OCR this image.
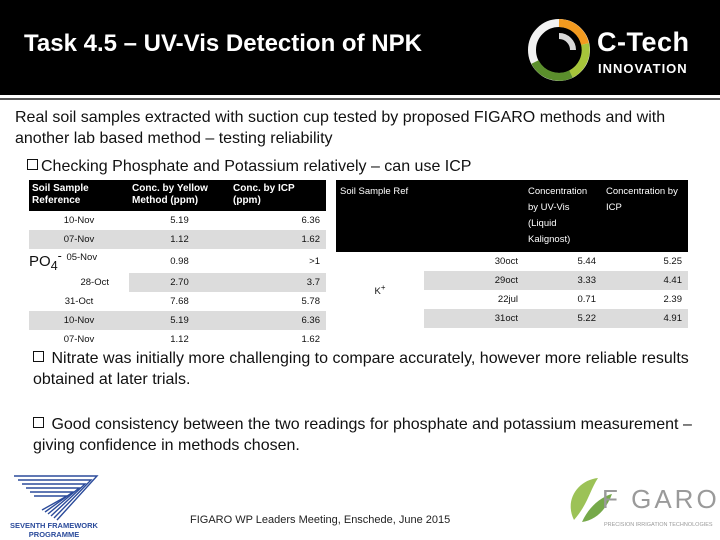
Task 4.5 – UV-Vis Detection of NPK	C-Tech
INNOVATION
Real soil samples extracted with suction cup tested by proposed FIGARO methods and with another lab based method – testing reliability
Checking Phosphate and Potassium relatively – can use ICP
Soil Sample Reference	Conc. by Yellow Method (ppm)	Conc. by ICP (ppm)
10-Nov	5.19	6.36
07-Nov	1.12	1.62
$PO_4^-$ 05-Nov	0.98	>1
28-Oct	2.70	3.7
31-Oct	7.68	5.78
10-Nov	5.19	6.36
07-Nov	1.12	1.62
Soil Sample Ref		Concentration by UV-Vis (Liquid Kalignost)	Concentration by ICP
K+	30oct	5.44	5.25
	29oct	3.33	4.41
	22jul	0.71	2.39
	31oct	5.22	4.91
Nitrate was initially more challenging to compare accurately, however more reliable results obtained at later trials.
Good consistency between the two readings for phosphate and potassium measurement – giving confidence in methods chosen.
SEVENTH FRAMEWORK
PROGRAMME
FIGARO WP Leaders Meeting, Enschede, June 2015
F GARO
PRECISION IRRIGATION TECHNOLOGIES
